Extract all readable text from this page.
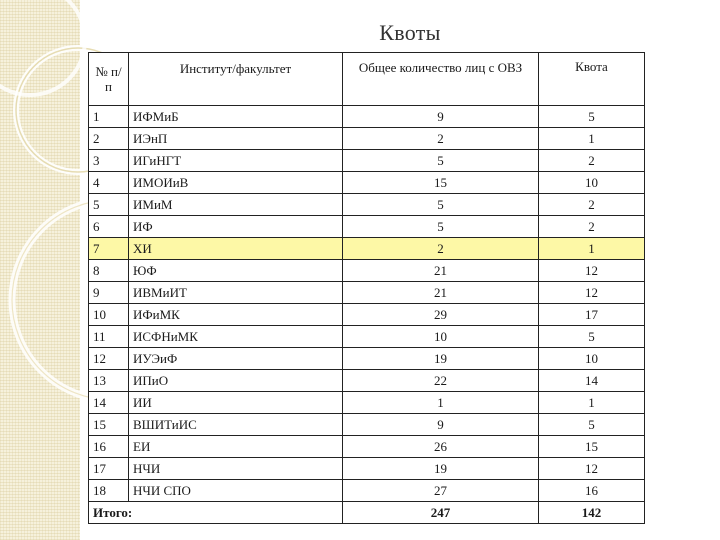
Квоты
№ п/п	Институт/факультет	Общее количество лиц с ОВЗ	Квота
1	ИФМиБ	9	5
2	ИЭнП	2	1
3	ИГиНГТ	5	2
4	ИМОИиВ	15	10
5	ИМиМ	5	2
6	ИФ	5	2
7	ХИ	2	1
8	ЮФ	21	12
9	ИВМиИТ	21	12
10	ИФиМК	29	17
11	ИСФНиМК	10	5
12	ИУЭиФ	19	10
13	ИПиО	22	14
14	ИИ	1	1
15	ВШИТиИС	9	5
16	ЕИ	26	15
17	НЧИ	19	12
18	НЧИ СПО	27	16
Итого:		247	142
